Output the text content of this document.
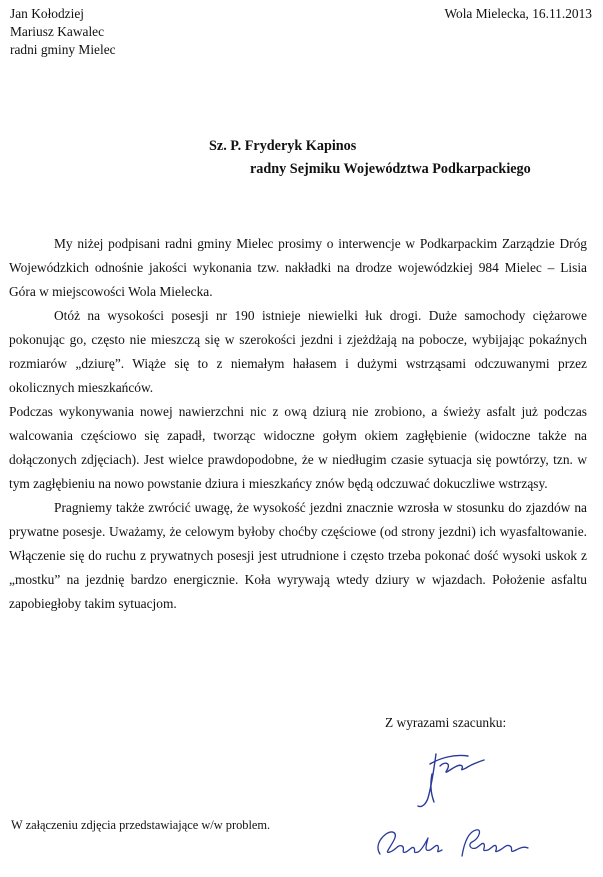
Jan Kołodziej
Mariusz Kawalec
radni gminy Mielec
Wola Mielecka, 16.11.2013
Sz. P. Fryderyk Kapinos
radny Sejmiku Województwa Podkarpackiego

My niżej podpisani radni gminy Mielec prosimy o interwencje w Podkarpackim Zarządzie Dróg Wojewódzkich odnośnie jakości wykonania tzw. nakładki na drodze wojewódzkiej 984 Mielec – Lisia Góra w miejscowości Wola Mielecka.

Otóż na wysokości posesji nr 190 istnieje niewielki łuk drogi. Duże samochody ciężarowe pokonując go, często nie mieszczą się w szerokości jezdni i zjeżdżają na pobocze, wybijając pokaźnych rozmiarów „dziurę”. Wiąże się to z niemałym hałasem i dużymi wstrząsami odczuwanymi przez okolicznych mieszkańców.

Podczas wykonywania nowej nawierzchni nic z ową dziurą nie zrobiono, a świeży asfalt już podczas walcowania częściowo się zapadł, tworząc widoczne gołym okiem zagłębienie (widoczne także na dołączonych zdjęciach). Jest wielce prawdopodobne, że w niedługim czasie sytuacja się powtórzy, tzn. w tym zagłębieniu na nowo powstanie dziura i mieszkańcy znów będą odczuwać dokuczliwe wstrząsy.

Pragniemy także zwrócić uwagę, że wysokość jezdni znacznie wzrosła w stosunku do zjazdów na prywatne posesje. Uważamy, że celowym byłoby choćby częściowe (od strony jezdni) ich wyasfaltowanie. Włączenie się do ruchu z prywatnych posesji jest utrudnione i często trzeba pokonać dość wysoki uskok z „mostku” na jezdnię bardzo energicznie. Koła wyrywają wtedy dziury w wjazdach. Położenie asfaltu zapobiegłoby takim sytuacjom.

Z wyrazami szacunku:
W załączeniu zdjęcia przedstawiające w/w problem.
